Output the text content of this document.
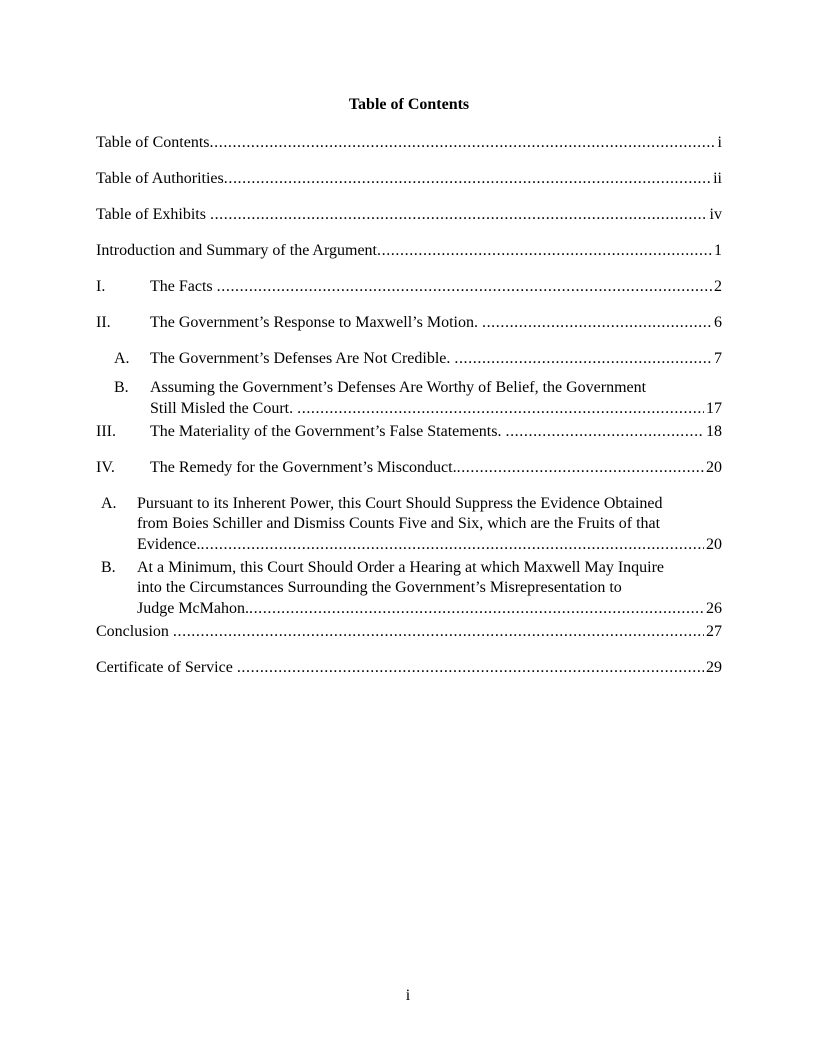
Table of Contents
Table of Contents .....	i
Table of Authorities .....	ii
Table of Exhibits .....	iv
Introduction and Summary of the Argument .....	1
I.	The Facts .....	2
II.	The Government’s Response to Maxwell’s Motion. .....	6
A.	The Government’s Defenses Are Not Credible. .....	7
B.	Assuming the Government’s Defenses Are Worthy of Belief, the Government
Still Misled the Court. .....	17
III.	The Materiality of the Government’s False Statements. .....	18
IV.	The Remedy for the Government’s Misconduct. .....	20
A.	Pursuant to its Inherent Power, this Court Should Suppress the Evidence Obtained
from Boies Schiller and Dismiss Counts Five and Six, which are the Fruits of that
Evidence. .....	20
B.	At a Minimum, this Court Should Order a Hearing at which Maxwell May Inquire
into the Circumstances Surrounding the Government’s Misrepresentation to
Judge McMahon. .....	26
Conclusion .....	27
Certificate of Service .....	29
i
